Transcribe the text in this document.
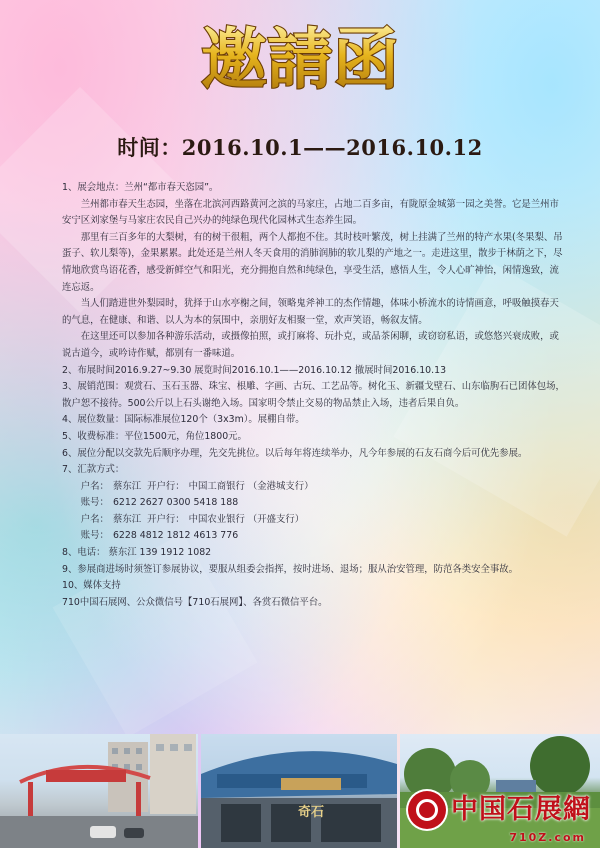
邀請函
时间：2016.10.1——2016.10.12

1、展会地点：兰州“都市春天恣园”。

兰州都市春天生态园，坐落在北滨河西路黄河之滨的马家庄，占地二百多亩，有陇原金城第一园之美誉。它是兰州市安宁区刘家堡与马家庄农民自己兴办的纯绿色现代化园林式生态养生园。

那里有三百多年的大梨树，有的树干很粗，两个人都抱不住。其时枝叶繁茂，树上挂满了兰州的特产水果(冬果梨、吊蛋子、软儿梨等)，金果累累。此处还是兰州人冬天食用的消肺润肺的软儿梨的产地之一。走进这里，散步于林荫之下，尽情地欣赏鸟语花香，感受新鲜空气和阳光，充分拥抱自然和纯绿色，享受生活，感悟人生，令人心旷神怡，闲情逸致，流连忘返。

当人们踏进世外梨园时，犹择于山水亭榭之间，领略鬼斧神工的杰作情趣，体味小桥流水的诗情画意，呼吸触摸春天的气息，在健康、和谐、以人为本的氛围中，亲朋好友相聚一堂，欢声笑语，畅叙友情。

在这里还可以参加各种游乐活动，或摄像拍照，或打麻将、玩扑克，或品茶闲聊，或窃窃私语，或悠悠兴衰成败，或说古道今，或吟诗作赋，都别有一番味道。

2、布展时间2016.9.27~9.30 展览时间2016.10.1——2016.10.12 撤展时间2016.10.13

3、展销范围：观赏石、玉石玉器、珠宝、根雕、字画、古玩、工艺品等。树化玉、新疆戈壁石、山东临朐石已团体包场，散户恕不接待。500公斤以上石头谢绝入场。国家明令禁止交易的物品禁止入场，违者后果自负。

4、展位数量：国际标准展位120个（3x3m）。展棚自带。

5、收费标准：平位1500元，角位1800元。

6、展位分配以交款先后顺序办理，先交先挑位。以后每年将连续举办，凡今年参展的石友石商今后可优先参展。

7、汇款方式：

户名： 蔡东江 开户行： 中国工商银行 （金港城支行）

账号： 6212 2627 0300 5418 188

户名： 蔡东江 开户行： 中国农业银行 （开盛支行）

账号： 6228 4812 1812 4613 776

8、电话： 蔡东江 139 1912 1082

9、参展商进场时须签订参展协议，要服从组委会指挥，按时进场、退场；服从治安管理，防范各类安全事故。

10、媒体支持

710中国石展网、公众微信号【710石展网】、各赏石微信平台。

奇石	中国石展網
710Z.com
